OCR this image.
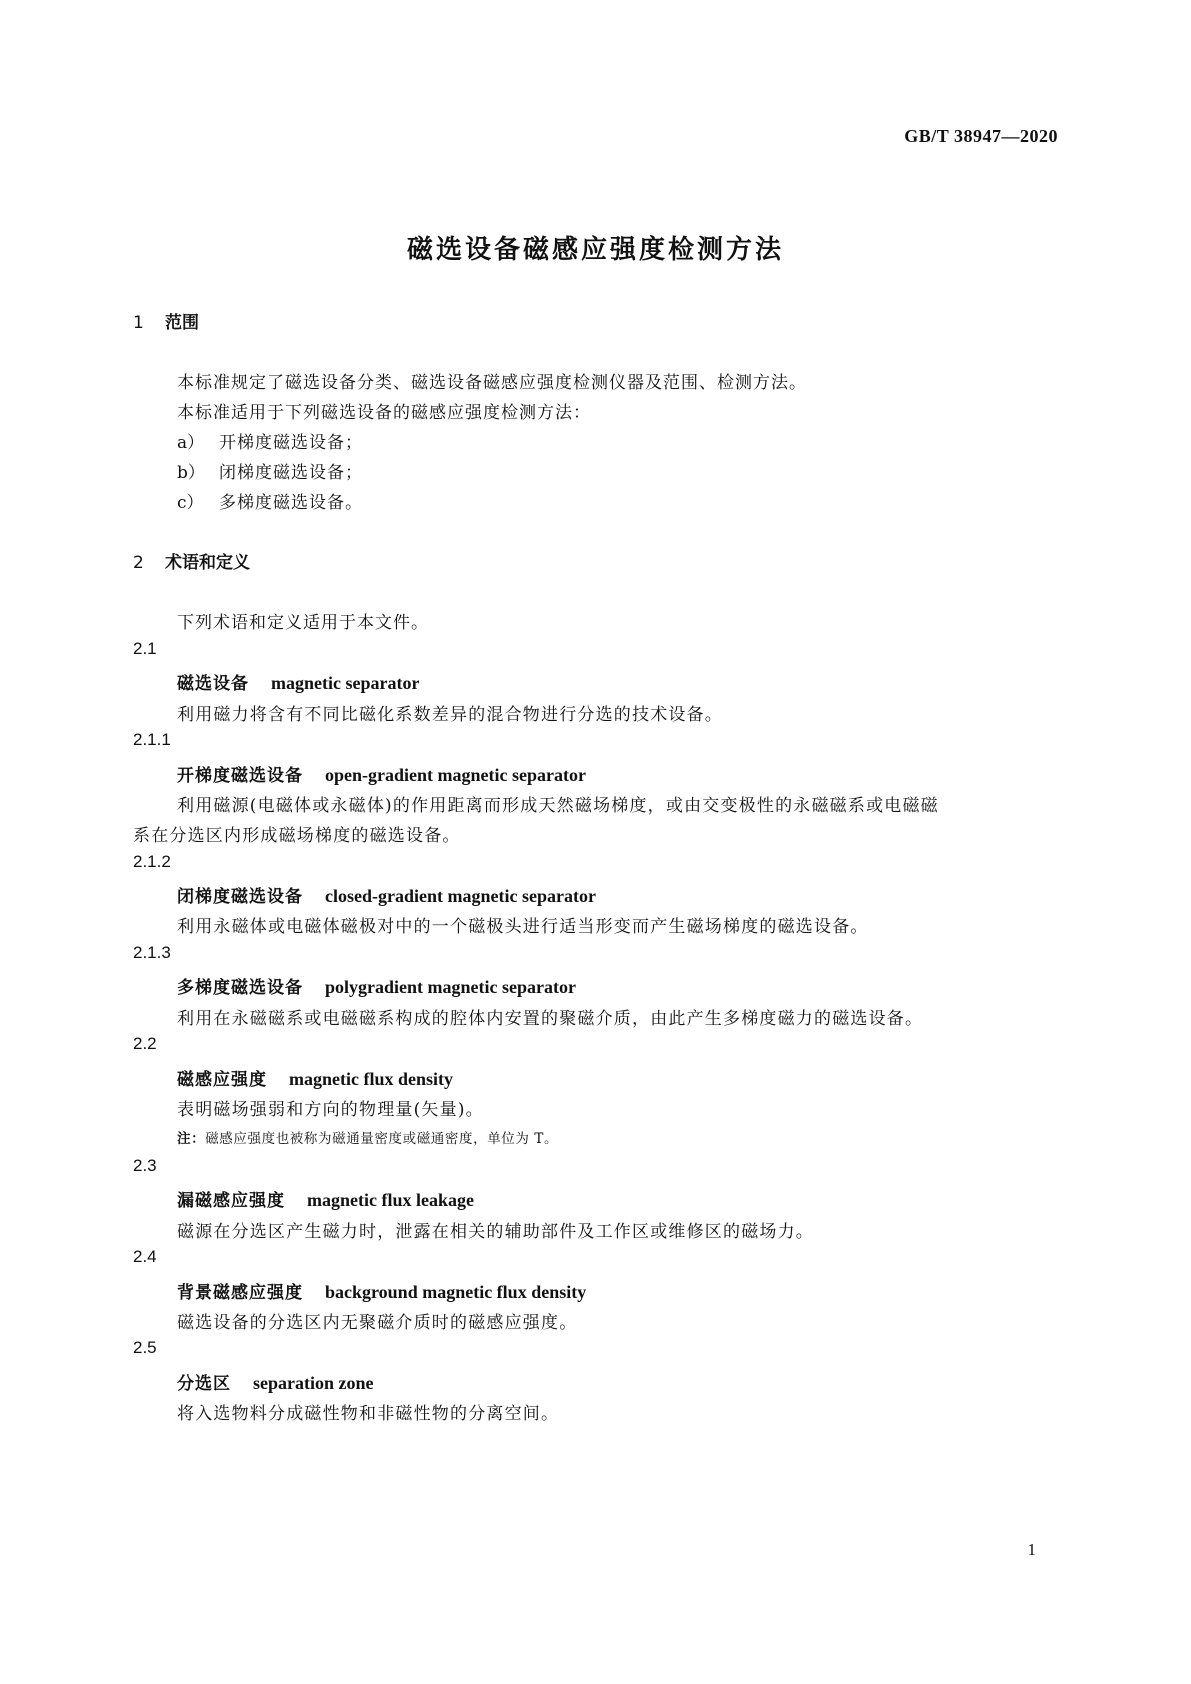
GB/T 38947—2020
磁选设备磁感应强度检测方法
1 范围
本标准规定了磁选设备分类、磁选设备磁感应强度检测仪器及范围、检测方法。
本标准适用于下列磁选设备的磁感应强度检测方法：
a） 开梯度磁选设备；
b） 闭梯度磁选设备；
c） 多梯度磁选设备。
2 术语和定义
下列术语和定义适用于本文件。
2.1
磁选设备 magnetic separator
利用磁力将含有不同比磁化系数差异的混合物进行分选的技术设备。
2.1.1
开梯度磁选设备 open-gradient magnetic separator
利用磁源(电磁体或永磁体)的作用距离而形成天然磁场梯度，或由交变极性的永磁磁系或电磁磁
系在分选区内形成磁场梯度的磁选设备。
2.1.2
闭梯度磁选设备 closed-gradient magnetic separator
利用永磁体或电磁体磁极对中的一个磁极头进行适当形变而产生磁场梯度的磁选设备。
2.1.3
多梯度磁选设备 polygradient magnetic separator
利用在永磁磁系或电磁磁系构成的腔体内安置的聚磁介质，由此产生多梯度磁力的磁选设备。
2.2
磁感应强度 magnetic flux density
表明磁场强弱和方向的物理量(矢量)。
注：磁感应强度也被称为磁通量密度或磁通密度，单位为 T。
2.3
漏磁感应强度 magnetic flux leakage
磁源在分选区产生磁力时，泄露在相关的辅助部件及工作区或维修区的磁场力。
2.4
背景磁感应强度 background magnetic flux density
磁选设备的分选区内无聚磁介质时的磁感应强度。
2.5
分选区 separation zone
将入选物料分成磁性物和非磁性物的分离空间。
1
